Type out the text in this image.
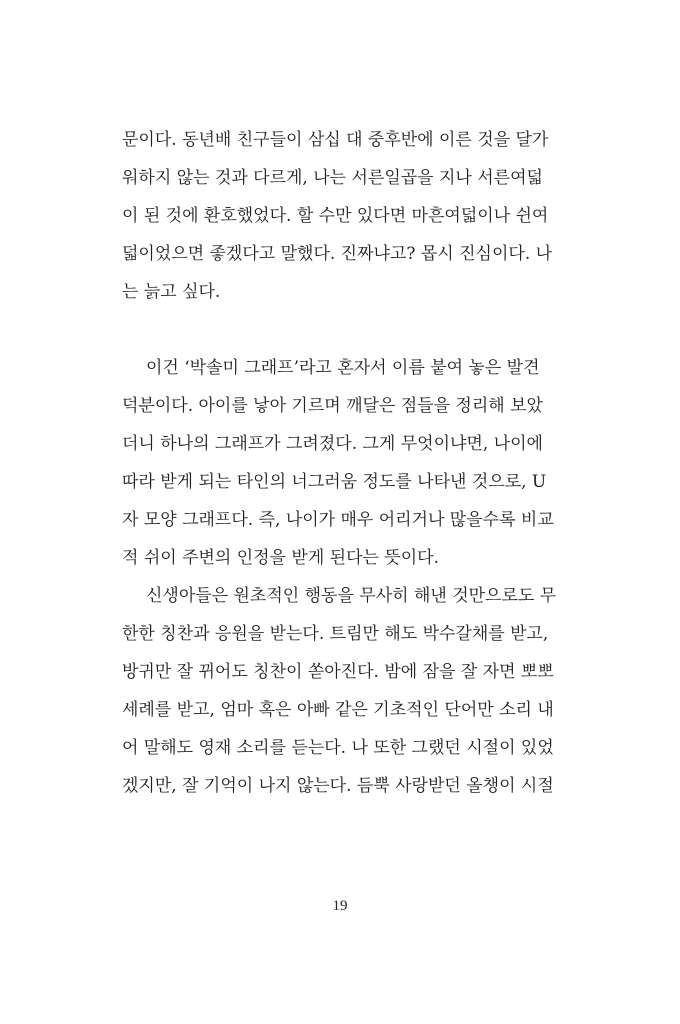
문이다. 동년배 친구들이 삼십 대 중후반에 이른 것을 달가
워하지 않는 것과 다르게, 나는 서른일곱을 지나 서른여덟
이 된 것에 환호했었다. 할 수만 있다면 마흔여덟이나 쉰여
덟이었으면 좋겠다고 말했다. 진짜냐고? 몹시 진심이다. 나
는 늙고 싶다.
이건 ‘박솔미 그래프’라고 혼자서 이름 붙여 놓은 발견
덕분이다. 아이를 낳아 기르며 깨달은 점들을 정리해 보았
더니 하나의 그래프가 그려졌다. 그게 무엇이냐면, 나이에
따라 받게 되는 타인의 너그러움 정도를 나타낸 것으로, U
자 모양 그래프다. 즉, 나이가 매우 어리거나 많을수록 비교
적 쉬이 주변의 인정을 받게 된다는 뜻이다.
신생아들은 원초적인 행동을 무사히 해낸 것만으로도 무
한한 칭찬과 응원을 받는다. 트림만 해도 박수갈채를 받고,
방귀만 잘 뀌어도 칭찬이 쏟아진다. 밤에 잠을 잘 자면 뽀뽀
세례를 받고, 엄마 혹은 아빠 같은 기초적인 단어만 소리 내
어 말해도 영재 소리를 듣는다. 나 또한 그랬던 시절이 있었
겠지만, 잘 기억이 나지 않는다. 듬뿍 사랑받던 올챙이 시절
19
